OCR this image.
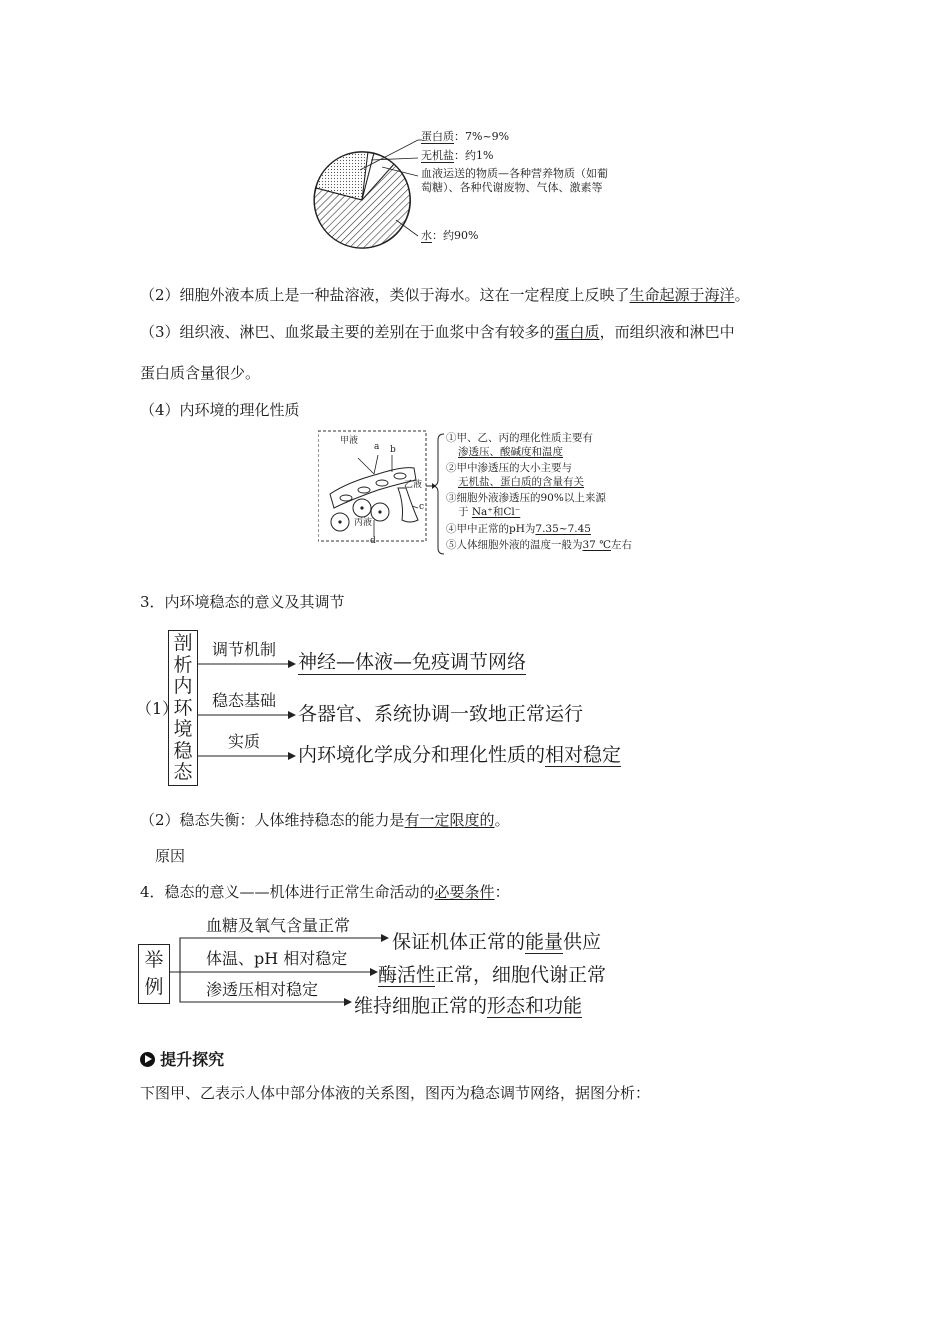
蛋白质：7%~9%
无机盐：约1%
血液运送的物质—各种营养物质（如葡
萄糖）、各种代谢废物、气体、激素等
水：约90%
（2）细胞外液本质上是一种盐溶液，类似于海水。这在一定程度上反映了生命起源于海洋。
（3）组织液、淋巴、血浆最主要的差别在于血浆中含有较多的蛋白质，而组织液和淋巴中
蛋白质含量很少。
（4）内环境的理化性质
甲液
a b
乙液
c
丙液
d
①甲、乙、丙的理化性质主要有
渗透压、酸碱度和温度
②甲中渗透压的大小主要与
无机盐、蛋白质的含量有关
③细胞外液渗透压的90%以上来源
于 Na⁺和Cl⁻
④甲中正常的pH为7.35~7.45
⑤人体细胞外液的温度一般为37 ℃左右
3．内环境稳态的意义及其调节
（1）
剖
析
内
环
境
稳
态
调节机制
神经—体液—免疫调节网络
稳态基础
各器官、系统协调一致地正常运行
实质
内环境化学成分和理化性质的相对稳定
（2）稳态失衡：人体维持稳态的能力是有一定限度的。
原因
4．稳态的意义——机体进行正常生命活动的必要条件：
举
例
血糖及氧气含量正常
保证机体正常的能量供应
体温、pH 相对稳定
酶活性正常，细胞代谢正常
渗透压相对稳定
维持细胞正常的形态和功能
提升探究
下图甲、乙表示人体中部分体液的关系图，图丙为稳态调节网络，据图分析：
